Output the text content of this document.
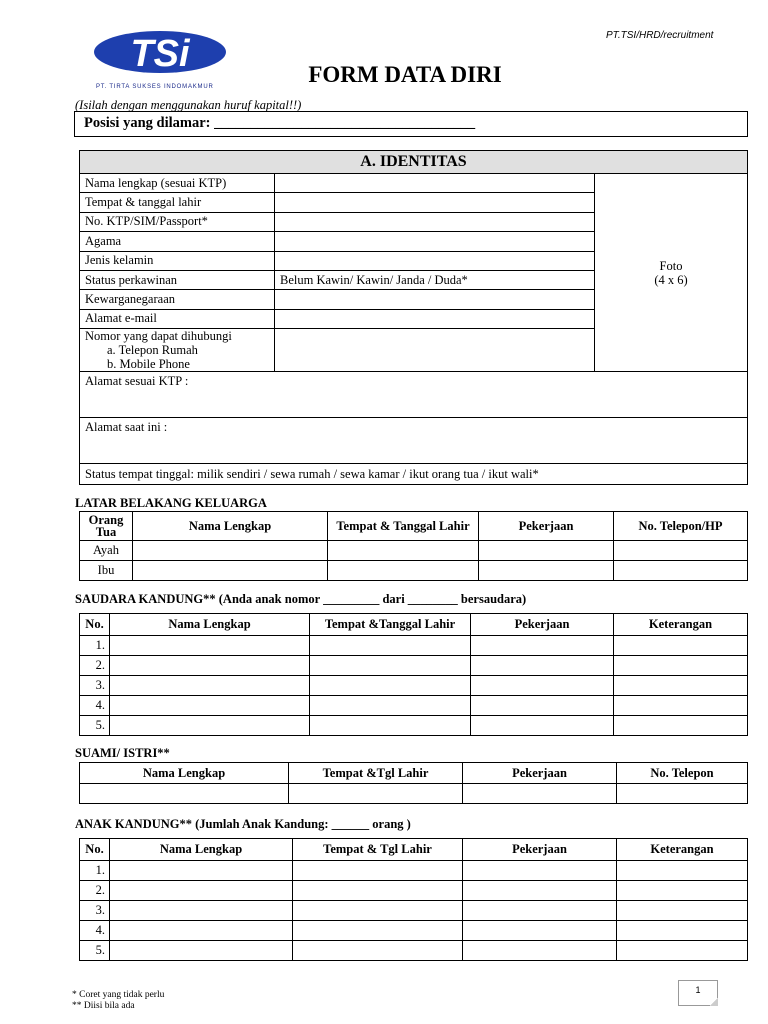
PT.TSI/HRD/recruitment
TSi
PT. TIRTA SUKSES INDOMAKMUR	FORM DATA DIRI
(Isilah dengan menggunakan huruf kapital!!)
Posisi yang dilamar: ____________________________________
A. IDENTITAS		
Nama lengkap (sesuai KTP)		Foto
(4 x 6)
Tempat & tanggal lahir		
No. KTP/SIM/Passport*		
Agama		
Jenis kelamin		
Status perkawinan	Belum Kawin/ Kawin/ Janda / Duda*	
Kewarganegaraan		
Alamat e-mail		
Nomor yang dapat dihubungi
a. Telepon Rumah
b. Mobile Phone		

Alamat sesuai KTP :		
Alamat saat ini :		
Status tempat tinggal: milik sendiri / sewa rumah / sewa kamar / ikut orang tua / ikut wali*		
LATAR BELAKANG KELUARGA
Orang Tua	Nama Lengkap	Tempat & Tanggal Lahir	Pekerjaan	No. Telepon/HP
Ayah				
Ibu				
SAUDARA KANDUNG** (Anda anak nomor _________ dari ________ bersaudara)
No.	Nama Lengkap	Tempat &Tanggal Lahir	Pekerjaan	Keterangan
1.				
2.				
3.				
4.				
5.				
SUAMI/ ISTRI**
Nama Lengkap	Tempat &Tgl Lahir	Pekerjaan	No. Telepon

ANAK KANDUNG** (Jumlah Anak Kandung: ______ orang )
No.	Nama Lengkap	Tempat & Tgl Lahir	Pekerjaan	Keterangan
1.				
2.				
3.				
4.				
5.				
* Coret yang tidak perlu
** Diisi bila ada
1
